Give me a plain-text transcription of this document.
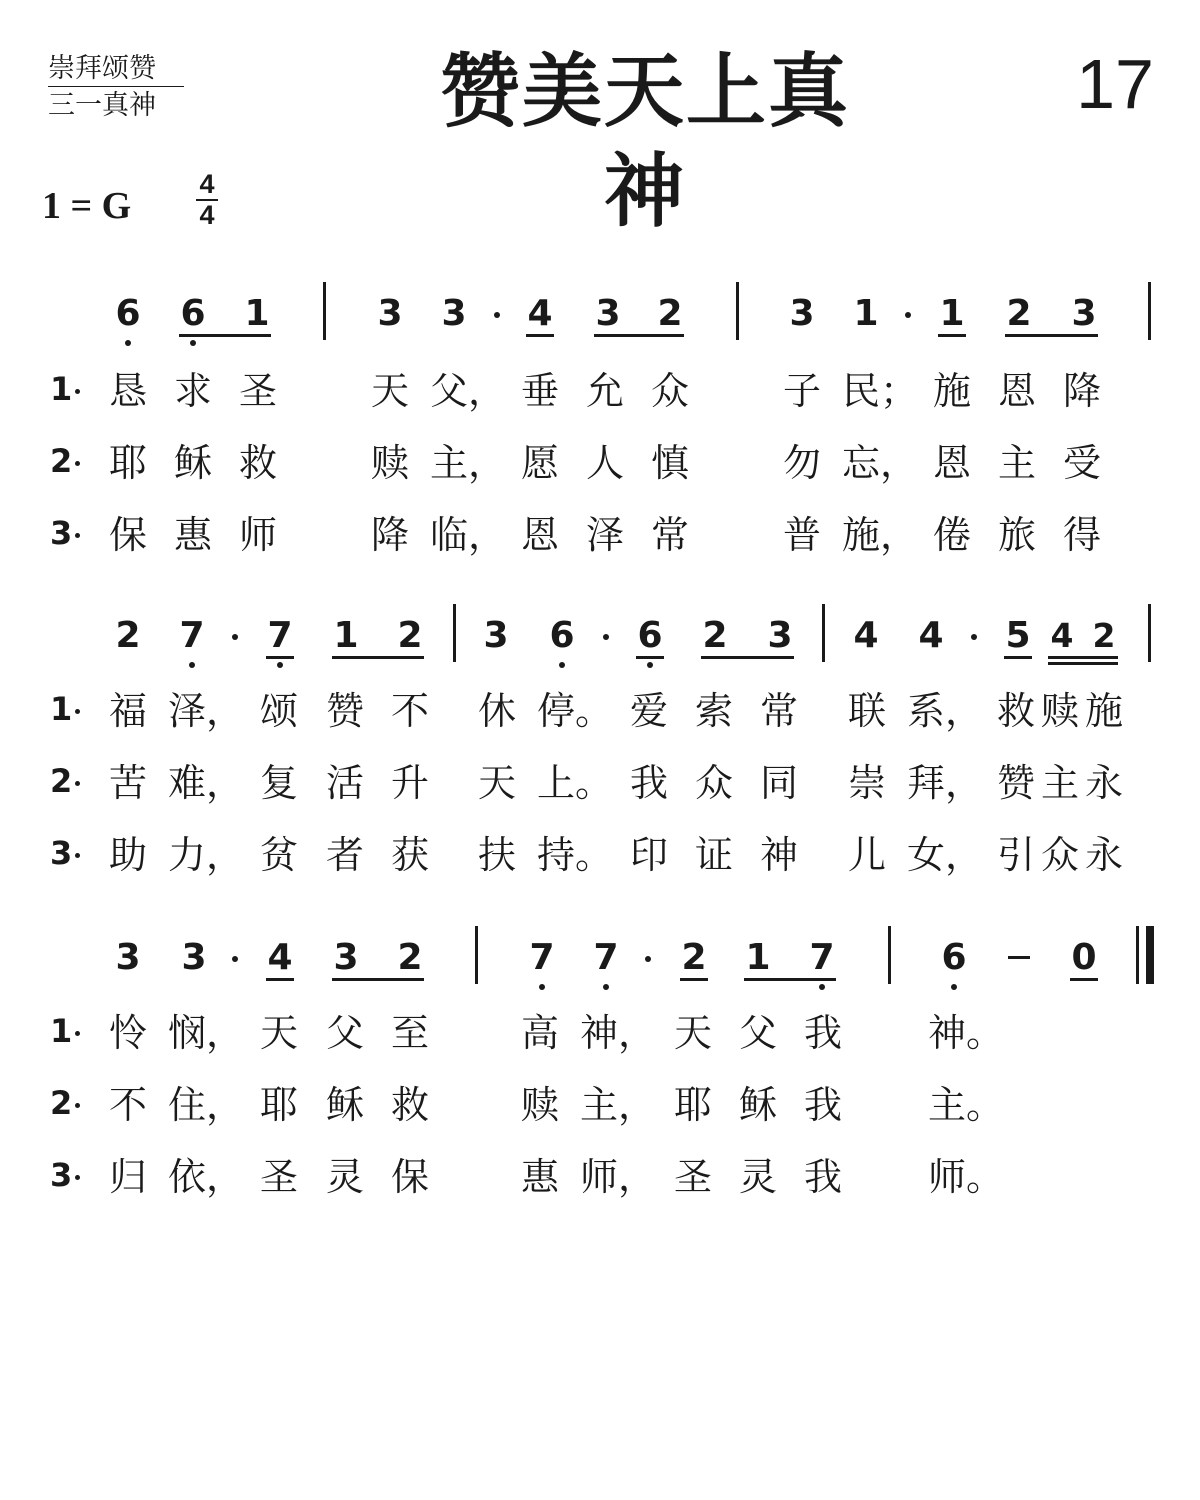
崇拜颂赞
三一真神	赞美天上真神
17
1 = G
4
4
6 6 1	3 3 4 3 2	3 1 1 2 3
1 恳 求 圣 天 父， 垂 允 众 子 民； 施 恩 降
2 耶 稣 救 赎 主， 愿 人 慎 勿 忘， 恩 主 受
3 保 惠 师 降 临， 恩 泽 常 普 施， 倦 旅 得
2 7 7 1 2 3 6 6 2 3 4 4 5 4 2
1 福 泽， 颂 赞 不 休 停。 爱 索 常 联 系， 救 赎 施
2 苦 难， 复 活 升 天 上。 我 众 同 崇 拜， 赞 主 永
3 助 力， 贫 者 获 扶 持。 印 证 神 儿 女， 引 众 永
3 3 4 3 2	7 7 2 1 7	6	0
1 怜 悯， 天 父 至 高 神， 天 父 我 神。
2 不 住， 耶 稣 救 赎 主， 耶 稣 我 主。
3 归 依， 圣 灵 保 惠 师， 圣 灵 我 师。
